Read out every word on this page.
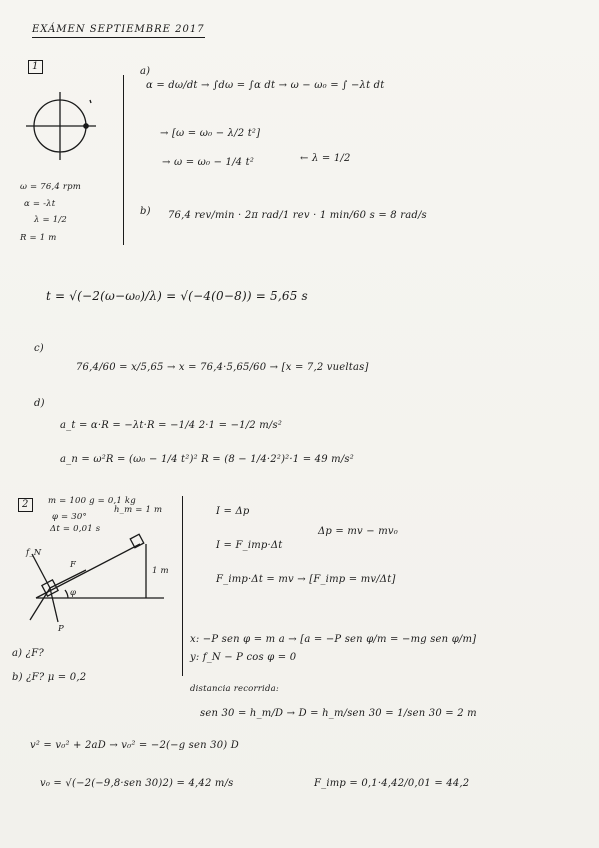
EXÁMEN SEPTIEMBRE 2017
1
ω = 76,4 rpm
α = -λt
λ = 1/2
R = 1 m
a)
α = dω/dt → ∫dω = ∫α dt → ω − ω₀ = ∫ −λt dt
→ [ω = ω₀ − λ/2 t²]
→ ω = ω₀ − 1/4 t²	← λ = 1/2
b) 76,4 rev/min · 2π rad/1 rev · 1 min/60 s = 8 rad/s
t = √(−2(ω−ω₀)/λ) = √(−4(0−8)) = 5,65 s
c)
76,4/60 = x/5,65 → x = 76,4·5,65/60 → [x = 7,2 vueltas]
d)
a_t = α·R = −λt·R = −1/4 2·1 = −1/2 m/s²
a_n = ω²R = (ω₀ − 1/4 t²)² R = (8 − 1/4·2²)²·1 = 49 m/s²
2	m = 100 g = 0,1 kg
h_m = 1 m
φ = 30°
Δt = 0,01 s
f_N
F
φ
P
1 m
a) ¿F?
b) ¿F? μ = 0,2
I = Δp
Δp = mv − mv₀
I = F_imp·Δt
F_imp·Δt = mv → [F_imp = mv/Δt]
x: −P sen φ = m a → [a = −P sen φ/m = −mg sen φ/m]
y: f_N − P cos φ = 0
distancia recorrida:
sen 30 = h_m/D → D = h_m/sen 30 = 1/sen 30 = 2 m
v² = v₀² + 2aD → v₀² = −2(−g sen 30) D
v₀ = √(−2(−9,8·sen 30)2) = 4,42 m/s	F_imp = 0,1·4,42/0,01 = 44,2
